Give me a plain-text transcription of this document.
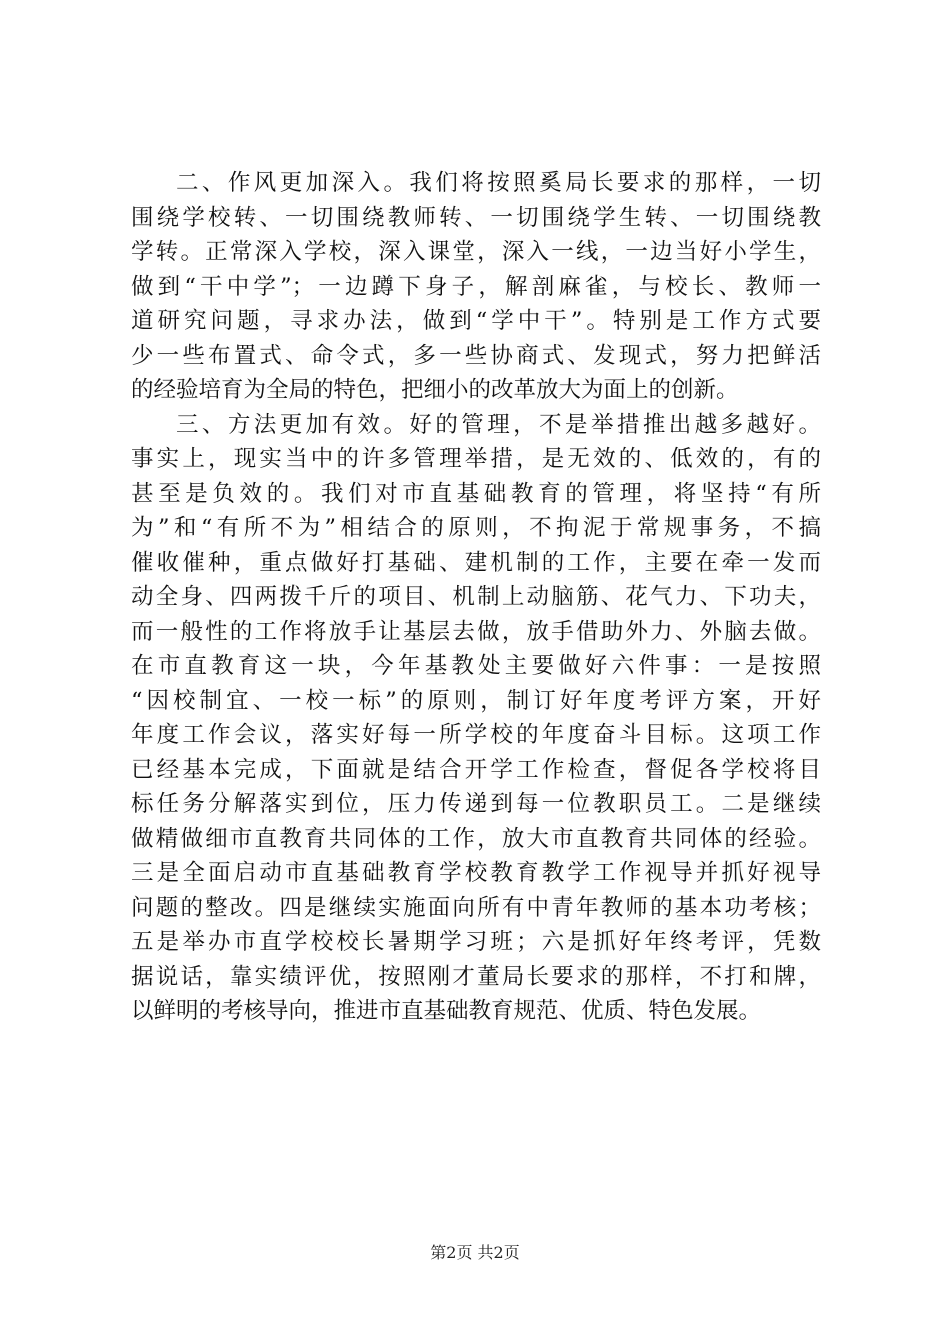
二、作风更加深入。我们将按照奚局长要求的那样，一切
围绕学校转、一切围绕教师转、一切围绕学生转、一切围绕教
学转。正常深入学校，深入课堂，深入一线，一边当好小学生，
做到“干中学”；一边蹲下身子，解剖麻雀，与校长、教师一
道研究问题，寻求办法，做到“学中干”。特别是工作方式要
少一些布置式、命令式，多一些协商式、发现式，努力把鲜活
的经验培育为全局的特色，把细小的改革放大为面上的创新。
三、方法更加有效。好的管理，不是举措推出越多越好。
事实上，现实当中的许多管理举措，是无效的、低效的，有的
甚至是负效的。我们对市直基础教育的管理，将坚持“有所
为”和“有所不为”相结合的原则，不拘泥于常规事务，不搞
催收催种，重点做好打基础、建机制的工作，主要在牵一发而
动全身、四两拨千斤的项目、机制上动脑筋、花气力、下功夫，
而一般性的工作将放手让基层去做，放手借助外力、外脑去做。
在市直教育这一块，今年基教处主要做好六件事：一是按照
“因校制宜、一校一标”的原则，制订好年度考评方案，开好
年度工作会议，落实好每一所学校的年度奋斗目标。这项工作
已经基本完成，下面就是结合开学工作检查，督促各学校将目
标任务分解落实到位，压力传递到每一位教职员工。二是继续
做精做细市直教育共同体的工作，放大市直教育共同体的经验。
三是全面启动市直基础教育学校教育教学工作视导并抓好视导
问题的整改。四是继续实施面向所有中青年教师的基本功考核；
五是举办市直学校校长暑期学习班；六是抓好年终考评，凭数
据说话，靠实绩评优，按照刚才董局长要求的那样，不打和牌，
以鲜明的考核导向，推进市直基础教育规范、优质、特色发展。
第2页 共2页
